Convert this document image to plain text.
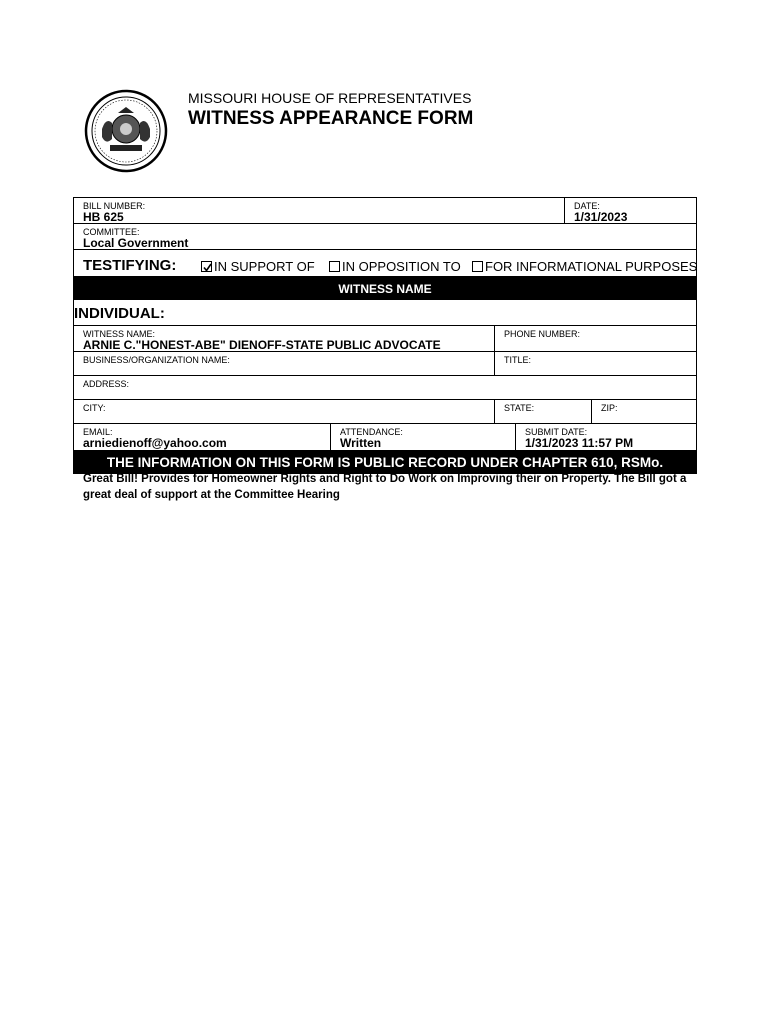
MISSOURI HOUSE OF REPRESENTATIVES
WITNESS APPEARANCE FORM
BILL NUMBER:
HB 625
DATE:
1/31/2023
COMMITTEE:
Local Government
TESTIFYING:	IN SUPPORT OF	IN OPPOSITION TO	FOR INFORMATIONAL PURPOSES
WITNESS NAME
INDIVIDUAL:
WITNESS NAME:
ARNIE C."HONEST-ABE" DIENOFF-STATE PUBLIC ADVOCATE
PHONE NUMBER:
BUSINESS/ORGANIZATION NAME:	TITLE:
ADDRESS:
CITY:	STATE:	ZIP:
EMAIL:
arniedienoff@yahoo.com
ATTENDANCE:
Written
SUBMIT DATE:
1/31/2023 11:57 PM
THE INFORMATION ON THIS FORM IS PUBLIC RECORD UNDER CHAPTER 610, RSMo.
Great Bill! Provides for Homeowner Rights and Right to Do Work on Improving their on Property. The Bill got a great deal of support at the Committee Hearing
